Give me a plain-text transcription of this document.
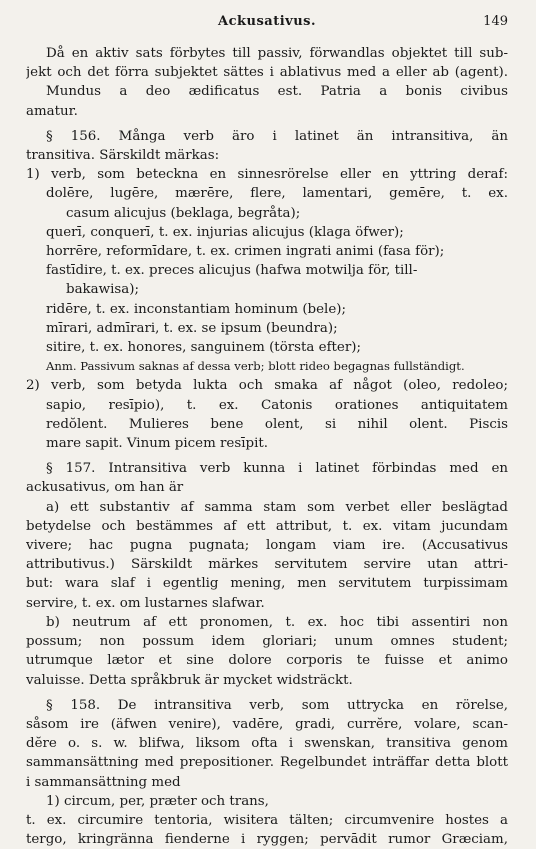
Ackusativus.	149
Då en aktiv sats förbytes till passiv, förwandlas objektet till sub-
jekt och det förra subjektet sättes i ablativus med a eller ab (agent).
Mundus a deo ædificatus est. Patria a bonis civibus
amatur.
§ 156. Många verb äro i latinet än intransitiva, än
transitiva. Särskildt märkas:
1) verb, som betecknа en sinnesrörelse eller en yttring deraf:
dolēre, lugēre, mærēre, flere, lamentari, gemēre, t. ex.
casum alicujus (beklaga, begråta);
querī, conquerī, t. ex. injurias alicujus (klaga öfwer);
horrēre, reformīdare, t. ex. crimen ingrati animi (fasa för);
fastīdire, t. ex. preces alicujus (hafwa motwilja för, till-
bakawisa);
ridēre, t. ex. inconstantiam hominum (bele);
mīrari, admīrari, t. ex. se ipsum (beundra);
sitire, t. ex. honores, sanguinem (törsta efter);
Anm. Passivum saknas af dessa verb; blott rideo begagnas fullständigt.
2) verb, som betyda lukta och smaka af något (oleo, redoleo;
sapio, resīpio), t. ex. Catonis orationes antiquitatem
redŏlent. Mulieres bene olent, si nihil olent. Piscis
mare sapit. Vinum picem resīpit.
§ 157. Intransitiva verb kunna i latinet förbindas med en
ackusativus, om han är
a) ett substantiv af samma stam som verbet eller beslägtad
betydelse och bestämmes af ett attribut, t. ex. vitam jucundam
vivere; hac pugna pugnata; longam viam ire. (Accusativus
attributivus.) Särskildt märkes servitutem servire utan attri-
but: wara slaf i egentlig mening, men servitutem turpissimam
servire, t. ex. om lustarnes slafwar.
b) neutrum af ett pronomen, t. ex. hoc tibi assentiri non
possum; non possum idem gloriari; unum omnes student;
utrumque lætor et sine dolore corporis te fuisse et animo
valuisse. Detta språkbruk är mycket widsträckt.
§ 158. De intransitiva verb, som uttrycka en rörelse,
såsom ire (äfwen venire), vadēre, gradi, currĕre, volare, scan-
dĕre o. s. w. blifwa, liksom ofta i swenskan, transitiva genom
sammansättning med prepositioner. Regelbundet inträffar detta blott
i sammansättning med
1) circum, per, præter och trans,
t. ex. circumire tentoria, wisitera tälten; circumvenire hostes a
tergo, kringränna fienderne i ryggen; pervādit rumor Græciam,
